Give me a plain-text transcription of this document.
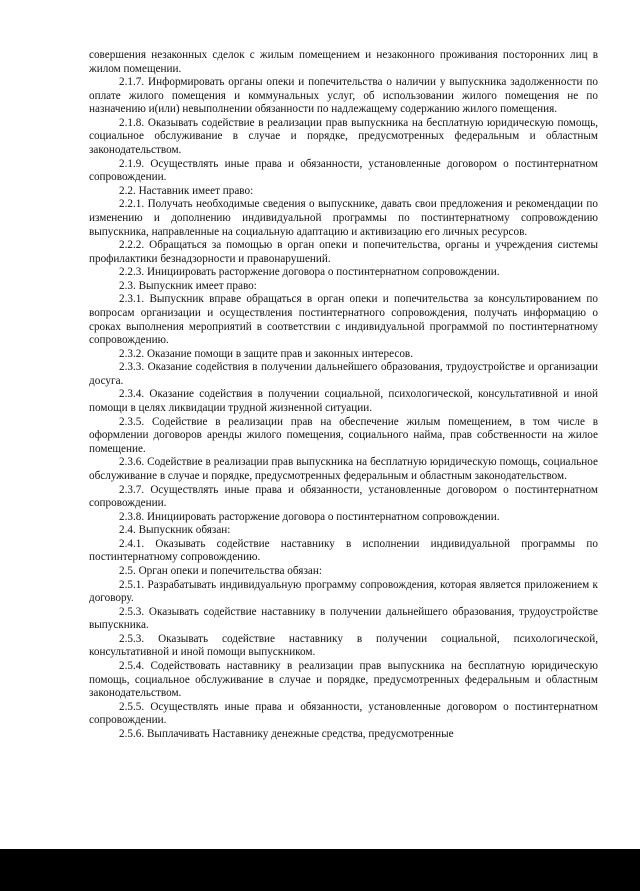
совершения незаконных сделок с жилым помещением и незаконного проживания посторонних лиц в жилом помещении.

2.1.7. Информировать органы опеки и попечительства о наличии у выпускника задолженности по оплате жилого помещения и коммунальных услуг, об использовании жилого помещения не по назначению и(или) невыполнении обязанности по надлежащему содержанию жилого помещения.

2.1.8. Оказывать содействие в реализации прав выпускника на бесплатную юридическую помощь, социальное обслуживание в случае и порядке, предусмотренных федеральным и областным законодательством.

2.1.9. Осуществлять иные права и обязанности, установленные договором о постинтернатном сопровождении.

2.2. Наставник имеет право:

2.2.1. Получать необходимые сведения о выпускнике, давать свои предложения и рекомендации по изменению и дополнению индивидуальной программы по постинтернатному сопровождению выпускника, направленные на социальную адаптацию и активизацию его личных ресурсов.

2.2.2. Обращаться за помощью в орган опеки и попечительства, органы и учреждения системы профилактики безнадзорности и правонарушений.

2.2.3. Инициировать расторжение договора о постинтернатном сопровождении.

2.3. Выпускник имеет право:

2.3.1. Выпускник вправе обращаться в орган опеки и попечительства за консультированием по вопросам организации и осуществления постинтернатного сопровождения, получать информацию о сроках выполнения мероприятий в соответствии с индивидуальной программой по постинтернатному сопровождению.

2.3.2. Оказание помощи в защите прав и законных интересов.

2.3.3. Оказание содействия в получении дальнейшего образования, трудоустройстве и организации досуга.

2.3.4. Оказание содействия в получении социальной, психологической, консультативной и иной помощи в целях ликвидации трудной жизненной ситуации.

2.3.5. Содействие в реализации прав на обеспечение жилым помещением, в том числе в оформлении договоров аренды жилого помещения, социального найма, прав собственности на жилое помещение.

2.3.6. Содействие в реализации прав выпускника на бесплатную юридическую помощь, социальное обслуживание в случае и порядке, предусмотренных федеральным и областным законодательством.

2.3.7. Осуществлять иные права и обязанности, установленные договором о постинтернатном сопровождении.

2.3.8. Инициировать расторжение договора о постинтернатном сопровождении.

2.4. Выпускник обязан:

2.4.1. Оказывать содействие наставнику в исполнении индивидуальной программы по постинтернатному сопровождению.

2.5. Орган опеки и попечительства обязан:

2.5.1. Разрабатывать индивидуальную программу сопровождения, которая является приложением к договору.

2.5.3. Оказывать содействие наставнику в получении дальнейшего образования, трудоустройстве выпускника.

2.5.3. Оказывать содействие наставнику в получении социальной, психологической, консультативной и иной помощи выпускником.

2.5.4. Содействовать наставнику в реализации прав выпускника на бесплатную юридическую помощь, социальное обслуживание в случае и порядке, предусмотренных федеральным и областным законодательством.

2.5.5. Осуществлять иные права и обязанности, установленные договором о постинтернатном сопровождении.

2.5.6. Выплачивать Наставнику денежные средства, предусмотренные
